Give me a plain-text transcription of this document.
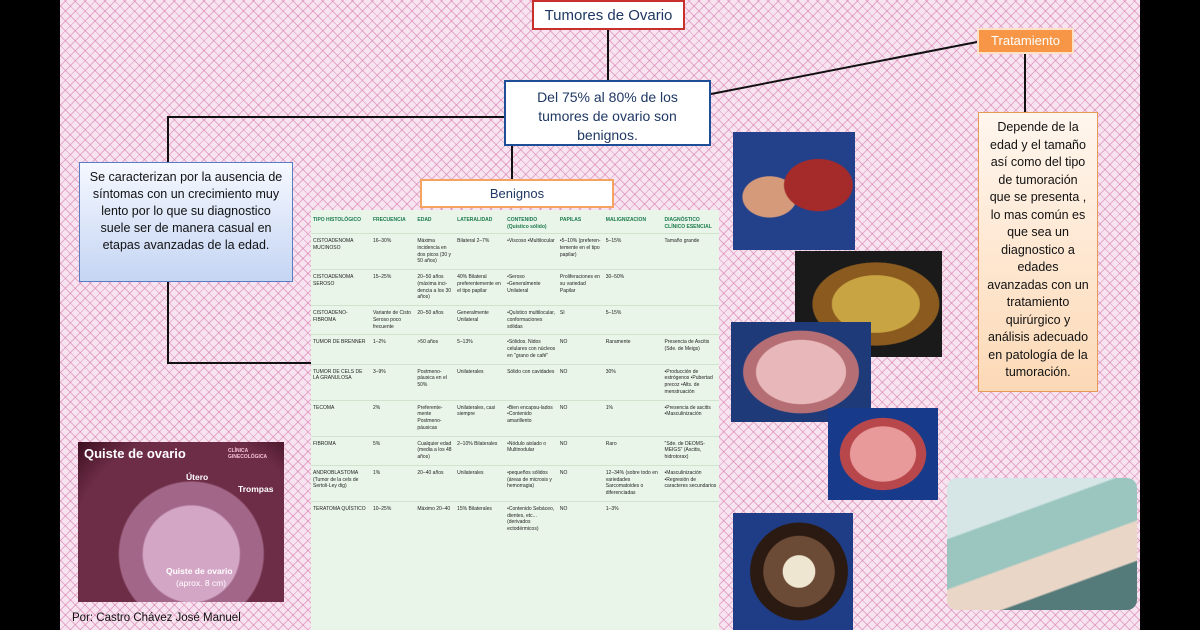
Tumores de Ovario
Del 75% al 80% de los tumores de ovario son benignos.
Tratamiento
Depende de la edad y el tamaño así como del tipo de tumoración que se presenta , lo mas común es que sea un diagnostico a edades avanzadas con un tratamiento quirúrgico y análisis adecuado en patología de la tumoración.
Se caracterizan por la ausencia de síntomas con un crecimiento muy lento por lo que su diagnostico suele ser de manera casual en etapas avanzadas de la edad.
Benignos
TIPO HISTOLÓGICO	FRECUENCIA	EDAD	LATERALIDAD	CONTENIDO (Quístico sólido)	PAPILAS	MALIGNIZACION	DIAGNÓSTICO CLÍNICO ESENCIAL
CISTOADENOMA MUCINOSO	16–30%	Máxima incidencia en dos picos (30 y 50 años)	Bilateral 2–7%	•Viscoso •Multilocular	•5–10% (preferen-temente en el tipo papilar)	5–15%	Tamaño grande
CISTOADENOMA SEROSO	15–25%	20–50 años (máxima inci-dencia a los 30 años)	40% Bilateral preferentemente en el tipo papilar	•Seroso •Generalmente Unilateral	Proliferaciones en su variedad Papilar	30–50%	
CISTOADENO-FIBROMA	Variante de Cisto Seroso poco frecuente	20–50 años	Generalmente Unilateral	•Quístico multilocular, conformaciones sólidas	SI	5–15%	
TUMOR DE BRENNER	1–2%	>50 años	5–13%	•Sólidos. Nidos celulares con núcleos en "grano de café"	NO	Raramente	Presencia de Ascitis (Sde. de Meigs)
TUMOR DE CELS DE LA GRANULOSA	3–9%	Postmeno-páusica en el 50%	Unilaterales	Sólido con cavidades	NO	30%	•Producción de estrógenos •Pubertad precoz •Alts. de menstruación
TECOMA	2%	Preferente-mente Postmeno-páusicas	Unilaterales, casi siempre	•Bien encapsu-lados •Contenido amarillento	NO	1%	•Presencia de ascitis •Masculinización
FIBROMA	5%	Cualquier edad (media a los 48 años)	2–10% Bilaterales	•Nódulo aislado o Multinodular	NO	Raro	"Sde. de DEOMS-MEIGS" (Ascitis, hidrotorax)
ANDROBLASTOMA (Tumor de la cels de Sertoli-Ley dig)	1%	20–40 años	Unilaterales	•pequeños sólidos (áreas de microsis y hemorragia)	NO	12–34% (sobre todo en variedades Sarcomatoides o diferenciadas	•Masculinización •Regresión de caracteres secundarios
TERATOMA QUÍSTICO	10–25%	Máximo 20–40	15% Bilaterales	•Contenido Sebáceo, dientes, etc... (derivados ectodérmicos)	NO	1–3%	
Quiste de ovario	CLÍNICA GINECOLÓGICA
Útero
Trompas
Quiste de ovario
(aprox. 8 cm)
Por: Castro Chávez José Manuel
